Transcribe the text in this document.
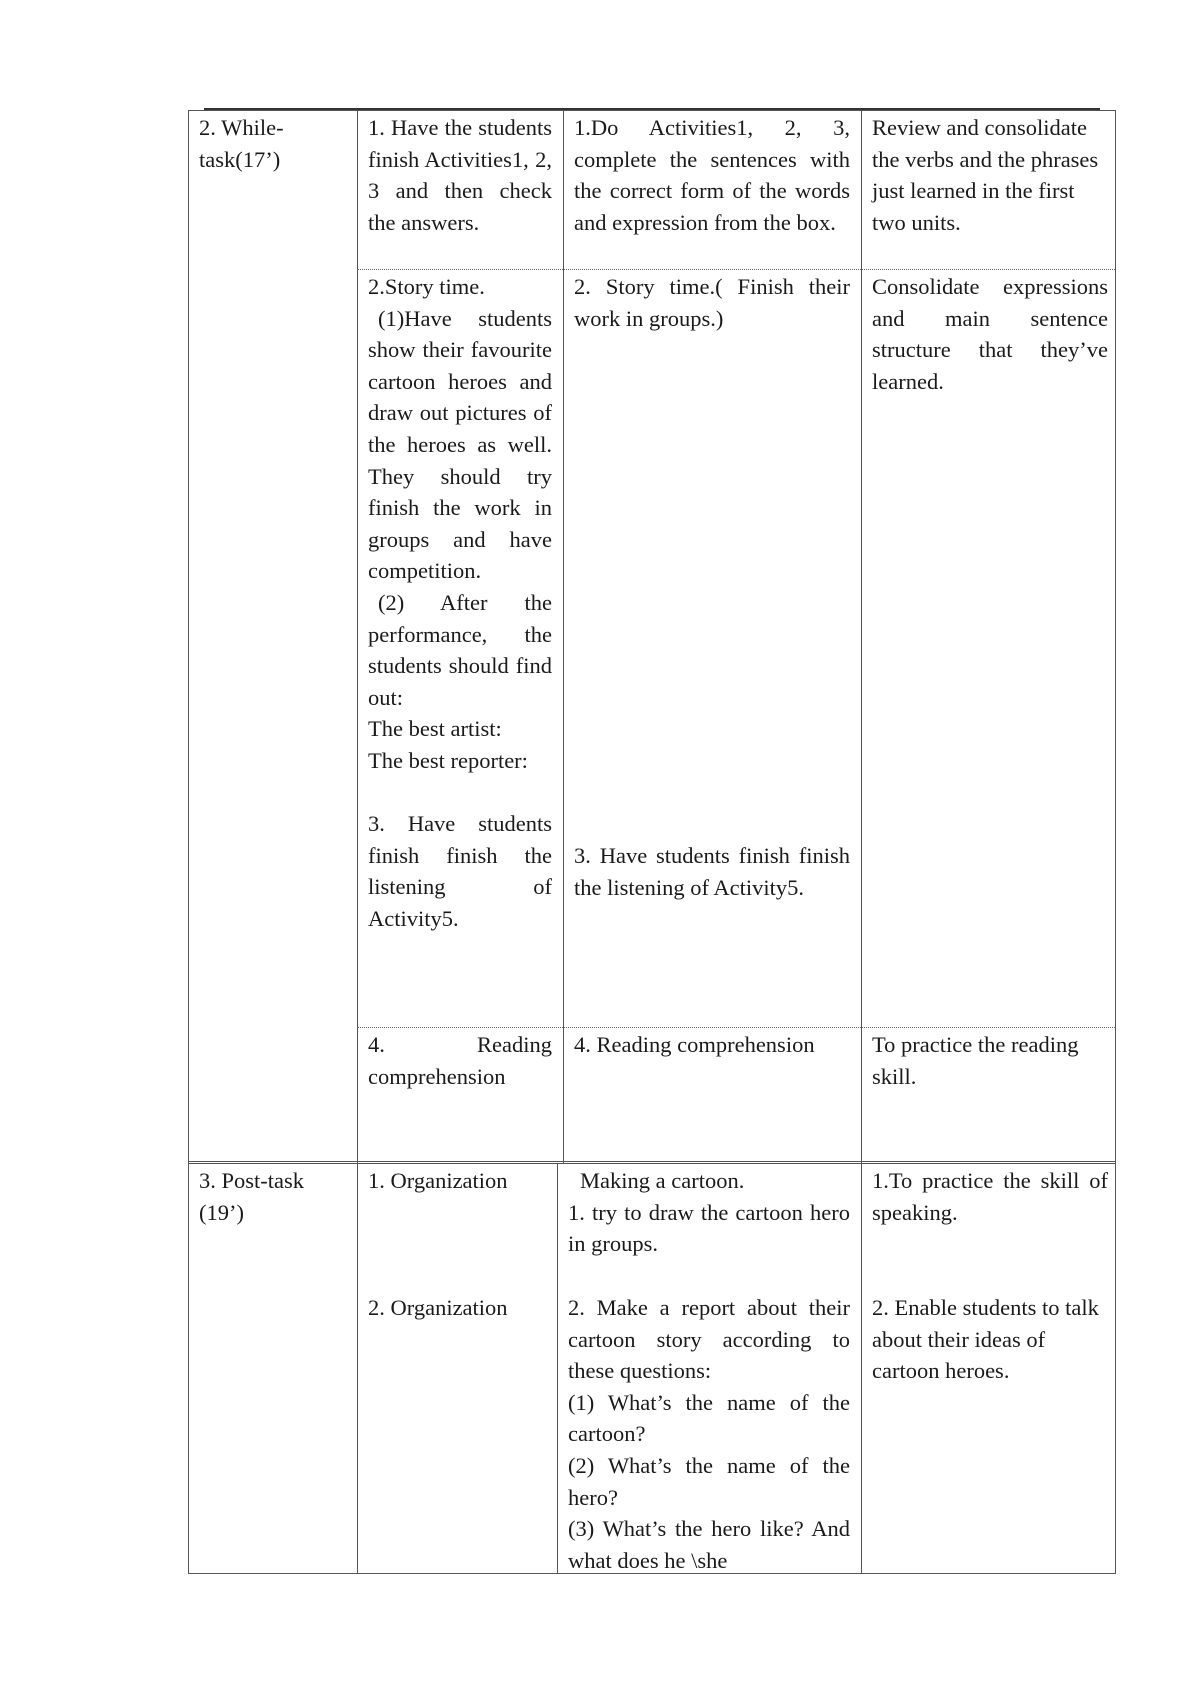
2. While-task(17’)

1. Have the students finish Activities1, 2, 3 and then check the answers.

1.Do Activities1, 2, 3, complete the sentences with the correct form of the words and expression from the box.

Review and consolidate the verbs and the phrases just learned in the first two units.

2.Story time.

(1)Have students show their favourite cartoon heroes and draw out pictures of the heroes as well. They should try finish the work in groups and have competition.

(2) After the performance, the students should find out:

The best artist:

The best reporter:

3. Have students finish finish the listening of Activity5.

2. Story time.( Finish their work in groups.)

3. Have students finish finish the listening of Activity5.

Consolidate expressions and main sentence structure that they’ve learned.

4. Reading comprehension

4. Reading comprehension	To practice the reading skill.

3. Post-task (19’)

1. Organization

2. Organization

Making a cartoon.

1. try to draw the cartoon hero in groups.

2. Make a report about their cartoon story according to these questions:

(1) What’s the name of the cartoon?

(2) What’s the name of the hero?

(3) What’s the hero like? And what does he \she

1.To practice the skill of speaking.

2. Enable students to talk about their ideas of cartoon heroes.
